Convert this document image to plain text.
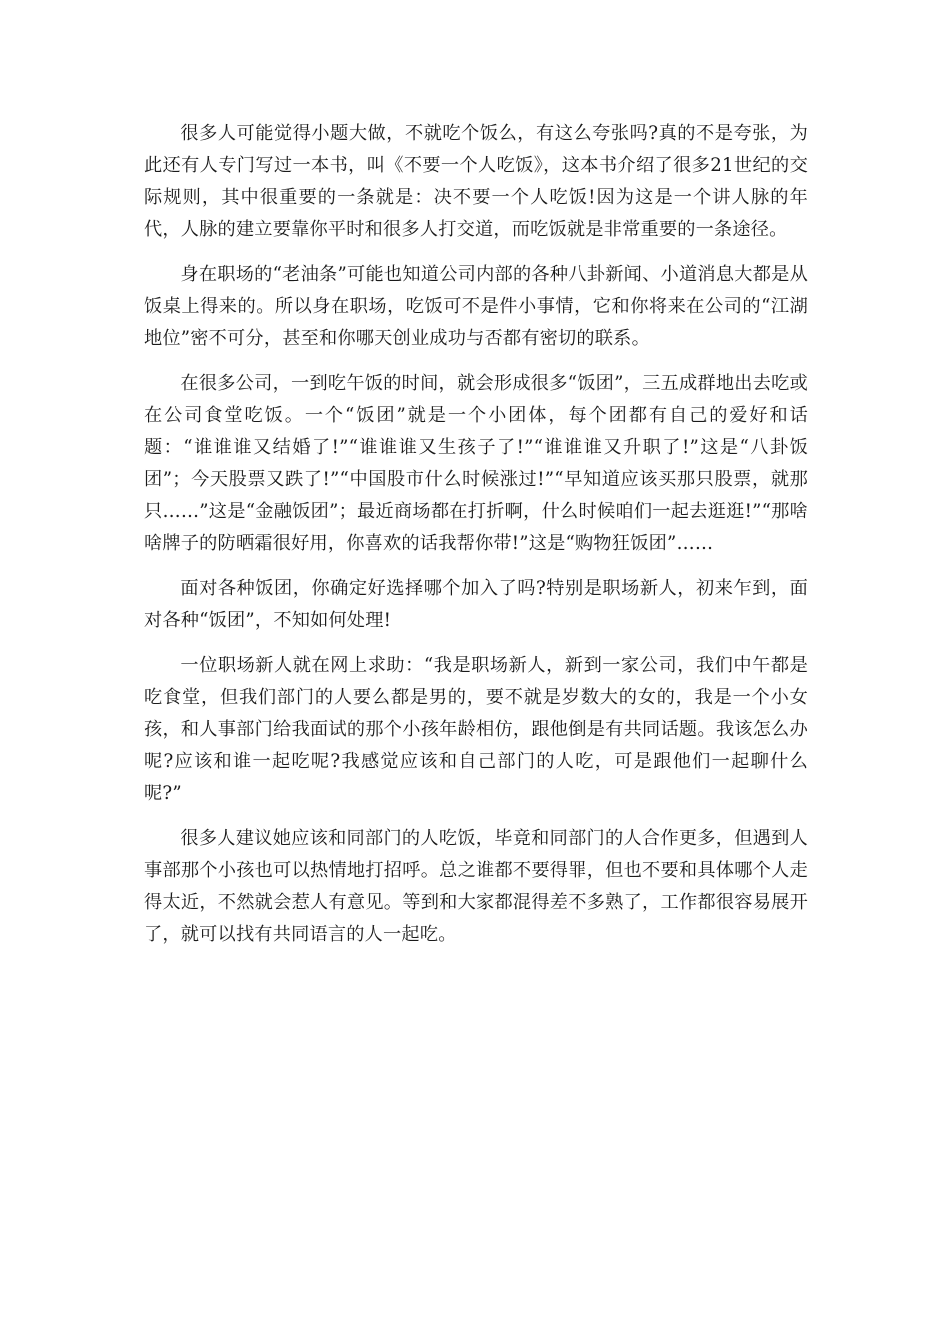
很多人可能觉得小题大做，不就吃个饭么，有这么夸张吗?真的不是夸张，为此还有人专门写过一本书，叫《不要一个人吃饭》，这本书介绍了很多21世纪的交际规则，其中很重要的一条就是：决不要一个人吃饭!因为这是一个讲人脉的年代，人脉的建立要靠你平时和很多人打交道，而吃饭就是非常重要的一条途径。

身在职场的“老油条”可能也知道公司内部的各种八卦新闻、小道消息大都是从饭桌上得来的。所以身在职场，吃饭可不是件小事情，它和你将来在公司的“江湖地位”密不可分，甚至和你哪天创业成功与否都有密切的联系。

在很多公司，一到吃午饭的时间，就会形成很多“饭团”，三五成群地出去吃或在公司食堂吃饭。一个“饭团”就是一个小团体，每个团都有自己的爱好和话题：“谁谁谁又结婚了!”“谁谁谁又生孩子了!”“谁谁谁又升职了!”这是“八卦饭团”；今天股票又跌了!”“中国股市什么时候涨过!”“早知道应该买那只股票，就那只……”这是“金融饭团”；最近商场都在打折啊，什么时候咱们一起去逛逛!”“那啥啥牌子的防晒霜很好用，你喜欢的话我帮你带!”这是“购物狂饭团”……

面对各种饭团，你确定好选择哪个加入了吗?特别是职场新人，初来乍到，面对各种“饭团”，不知如何处理!

一位职场新人就在网上求助：“我是职场新人，新到一家公司，我们中午都是吃食堂，但我们部门的人要么都是男的，要不就是岁数大的女的，我是一个小女孩，和人事部门给我面试的那个小孩年龄相仿，跟他倒是有共同话题。我该怎么办呢?应该和谁一起吃呢?我感觉应该和自己部门的人吃，可是跟他们一起聊什么呢?”

很多人建议她应该和同部门的人吃饭，毕竟和同部门的人合作更多，但遇到人事部那个小孩也可以热情地打招呼。总之谁都不要得罪，但也不要和具体哪个人走得太近，不然就会惹人有意见。等到和大家都混得差不多熟了，工作都很容易展开了，就可以找有共同语言的人一起吃。
